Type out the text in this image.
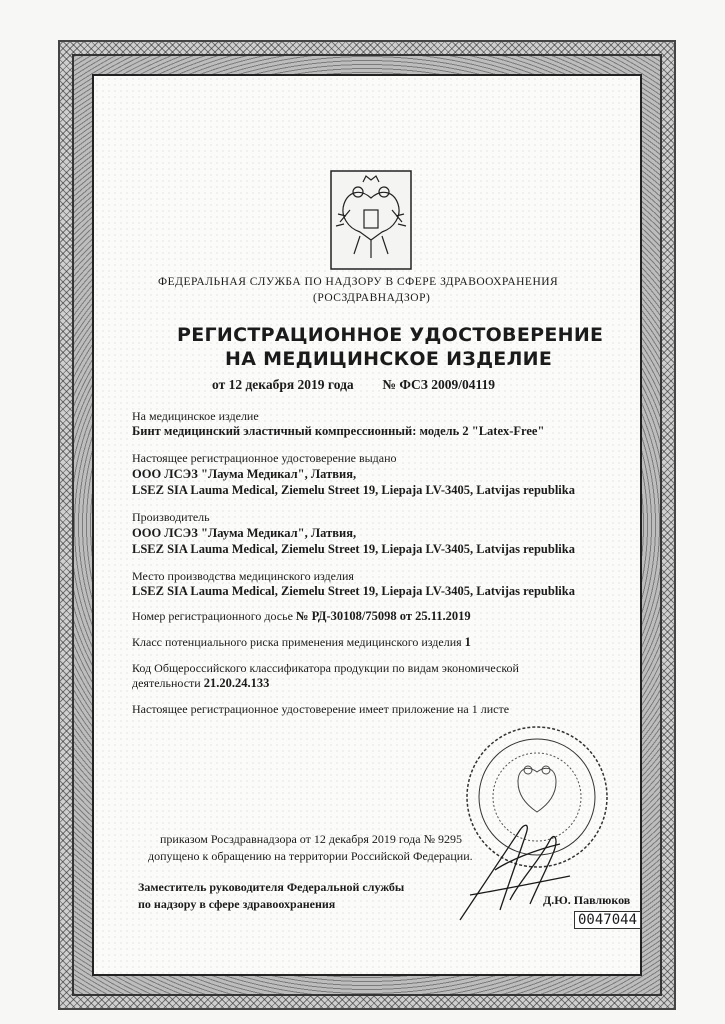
ФЕДЕРАЛЬНАЯ СЛУЖБА ПО НАДЗОРУ В СФЕРЕ ЗДРАВООХРАНЕНИЯ
(РОСЗДРАВНАДЗОР)
РЕГИСТРАЦИОННОЕ УДОСТОВЕРЕНИЕ
НА МЕДИЦИНСКОЕ ИЗДЕЛИЕ
от 12 декабря 2019 года № ФСЗ 2009/04119
На медицинское изделие
Бинт медицинский эластичный компрессионный: модель 2 "Latex-Free"
Настоящее регистрационное удостоверение выдано
ООО ЛСЭЗ "Лаума Медикал", Латвия,
LSEZ SIA Lauma Medical, Ziemelu Street 19, Liepaja LV-3405, Latvijas republika
Производитель
ООО ЛСЭЗ "Лаума Медикал", Латвия,
LSEZ SIA Lauma Medical, Ziemelu Street 19, Liepaja LV-3405, Latvijas republika
Место производства медицинского изделия
LSEZ SIA Lauma Medical, Ziemelu Street 19, Liepaja LV-3405, Latvijas republika
Номер регистрационного досье № РД-30108/75098 от 25.11.2019
Класс потенциального риска применения медицинского изделия 1
Код Общероссийского классификатора продукции по видам экономической
деятельности 21.20.24.133
Настоящее регистрационное удостоверение имеет приложение на 1 листе
приказом Росздравнадзора от 12 декабря 2019 года № 9295
допущено к обращению на территории Российской Федерации.
Заместитель руководителя Федеральной службы
по надзору в сфере здравоохранения	Д.Ю. Павлюков
0047044
